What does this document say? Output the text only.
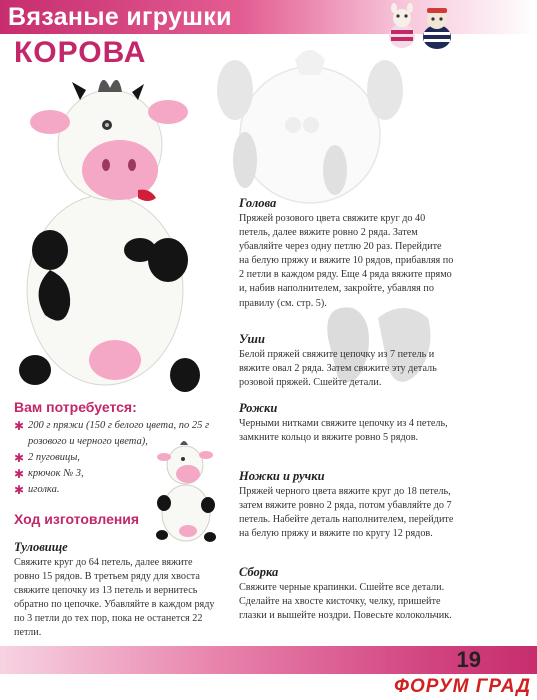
Вязаные игрушки
КОРОВА
Вам потребуется:
✱ 200 г пряжи (150 г белого цвета, по 25 г розового и черного цвета),
✱ 2 пуговицы,
✱ крючок № 3,
✱ иголка.
Ход изготовления
Туловище
Свяжите круг до 64 петель, далее вяжите ровно 15 рядов. В третьем ряду для хвоста свяжите цепочку из 13 петель и вернитесь обратно по цепочке. Убавляйте в каждом ряду по 3 петли до тех пор, пока не останется 22 петли.
Голова
Пряжей розового цвета свяжите круг до 40 петель, далее вяжите ровно 2 ряда. Затем убавляйте через одну петлю 20 раз. Перейдите на белую пряжу и вяжите 10 рядов, прибавляя по 2 петли в каждом ряду. Еще 4 ряда вяжите прямо и, набив наполнителем, закройте, убавляя по правилу (см. стр. 5).
Уши
Белой пряжей свяжите цепочку из 7 петель и вяжите овал 2 ряда. Затем свяжите эту деталь розовой пряжей. Сшейте детали.
Рожки
Черными нитками свяжите цепочку из 4 петель, замкните кольцо и вяжите ровно 5 рядов.
Ножки и ручки
Пряжей черного цвета вяжите круг до 18 петель, затем вяжите ровно 2 ряда, потом убавляйте до 7 петель. Набейте деталь наполнителем, перейдите на белую пряжу и вяжите по кругу 12 рядов.
Сборка
Свяжите черные крапинки. Сшейте все детали. Сделайте на хвосте кисточку, челку, пришейте глазки и вышейте ноздри. Повесьте колокольчик.
19
ФОРУМ ГРАД
